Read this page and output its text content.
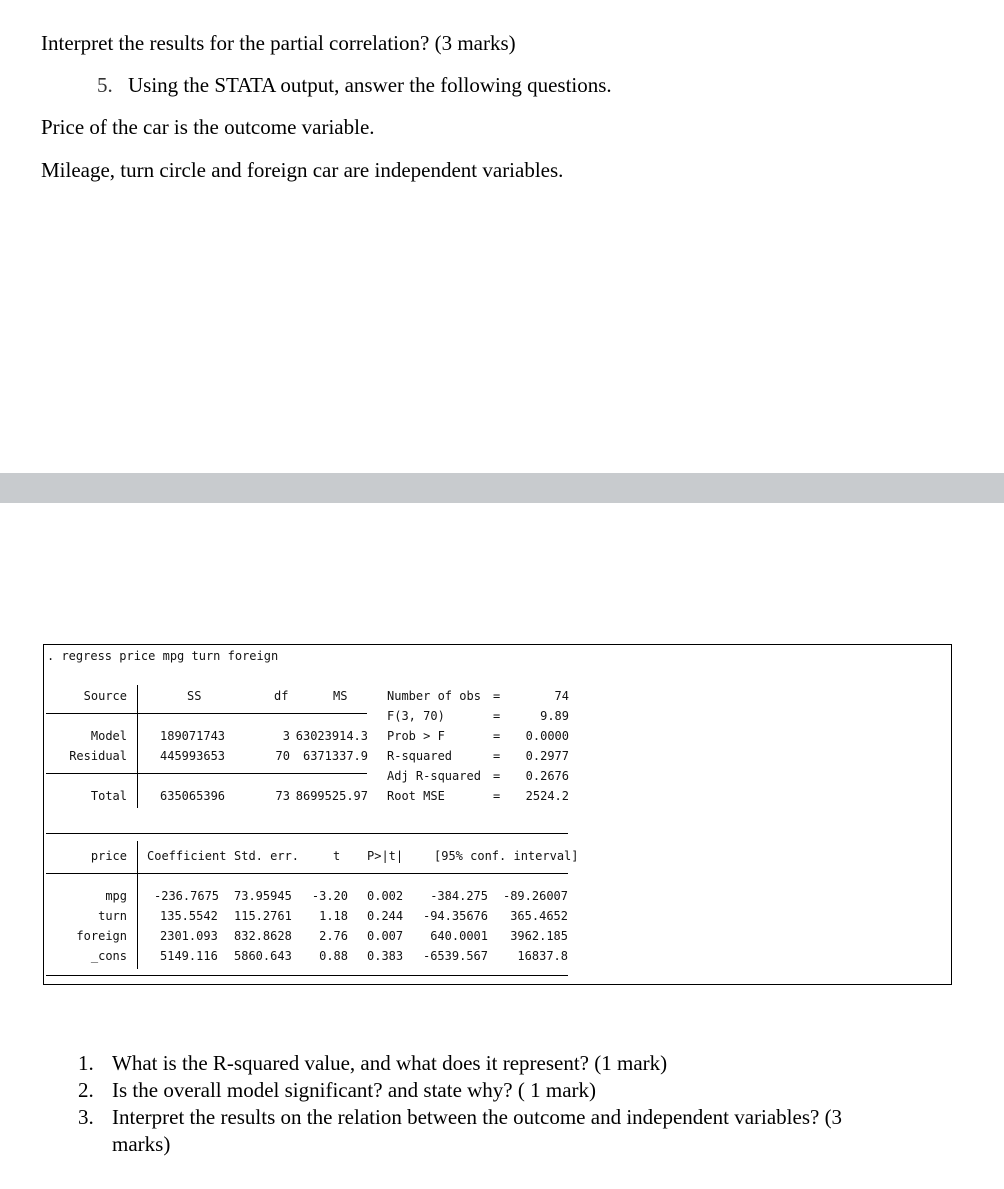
Interpret the results for the partial correlation? (3 marks)
5. Using the STATA output, answer the following questions.
Price of the car is the outcome variable.
Mileage, turn circle and foreign car are independent variables.
. regress price mpg turn foreign
Source	SS	df	MS
Model	189071743	3 63023914.3
Residual	445993653	70	6371337.9
Total	635065396	73 8699525.97
Number of obs =	74
F(3, 70)	=	9.89
Prob > F	=	0.0000
R-squared	=	0.2977
Adj R-squared =	0.2676
Root MSE	=	2524.2
price Coefficient Std. err.	t P>|t|	[95% conf. interval]
mpg -236.7675 73.95945	-3.20 0.002	-384.275	-89.26007
turn	135.5542 115.2761	1.18 0.244	-94.35676	365.4652
foreign	2301.093 832.8628	2.76 0.007	640.0001	3962.185
_cons	5149.116 5860.643	0.88 0.383	-6539.567	16837.8
1. What is the R-squared value, and what does it represent? (1 mark)
2. Is the overall model significant? and state why? ( 1 mark)
3. Interpret the results on the relation between the outcome and independent variables? (3 marks)
